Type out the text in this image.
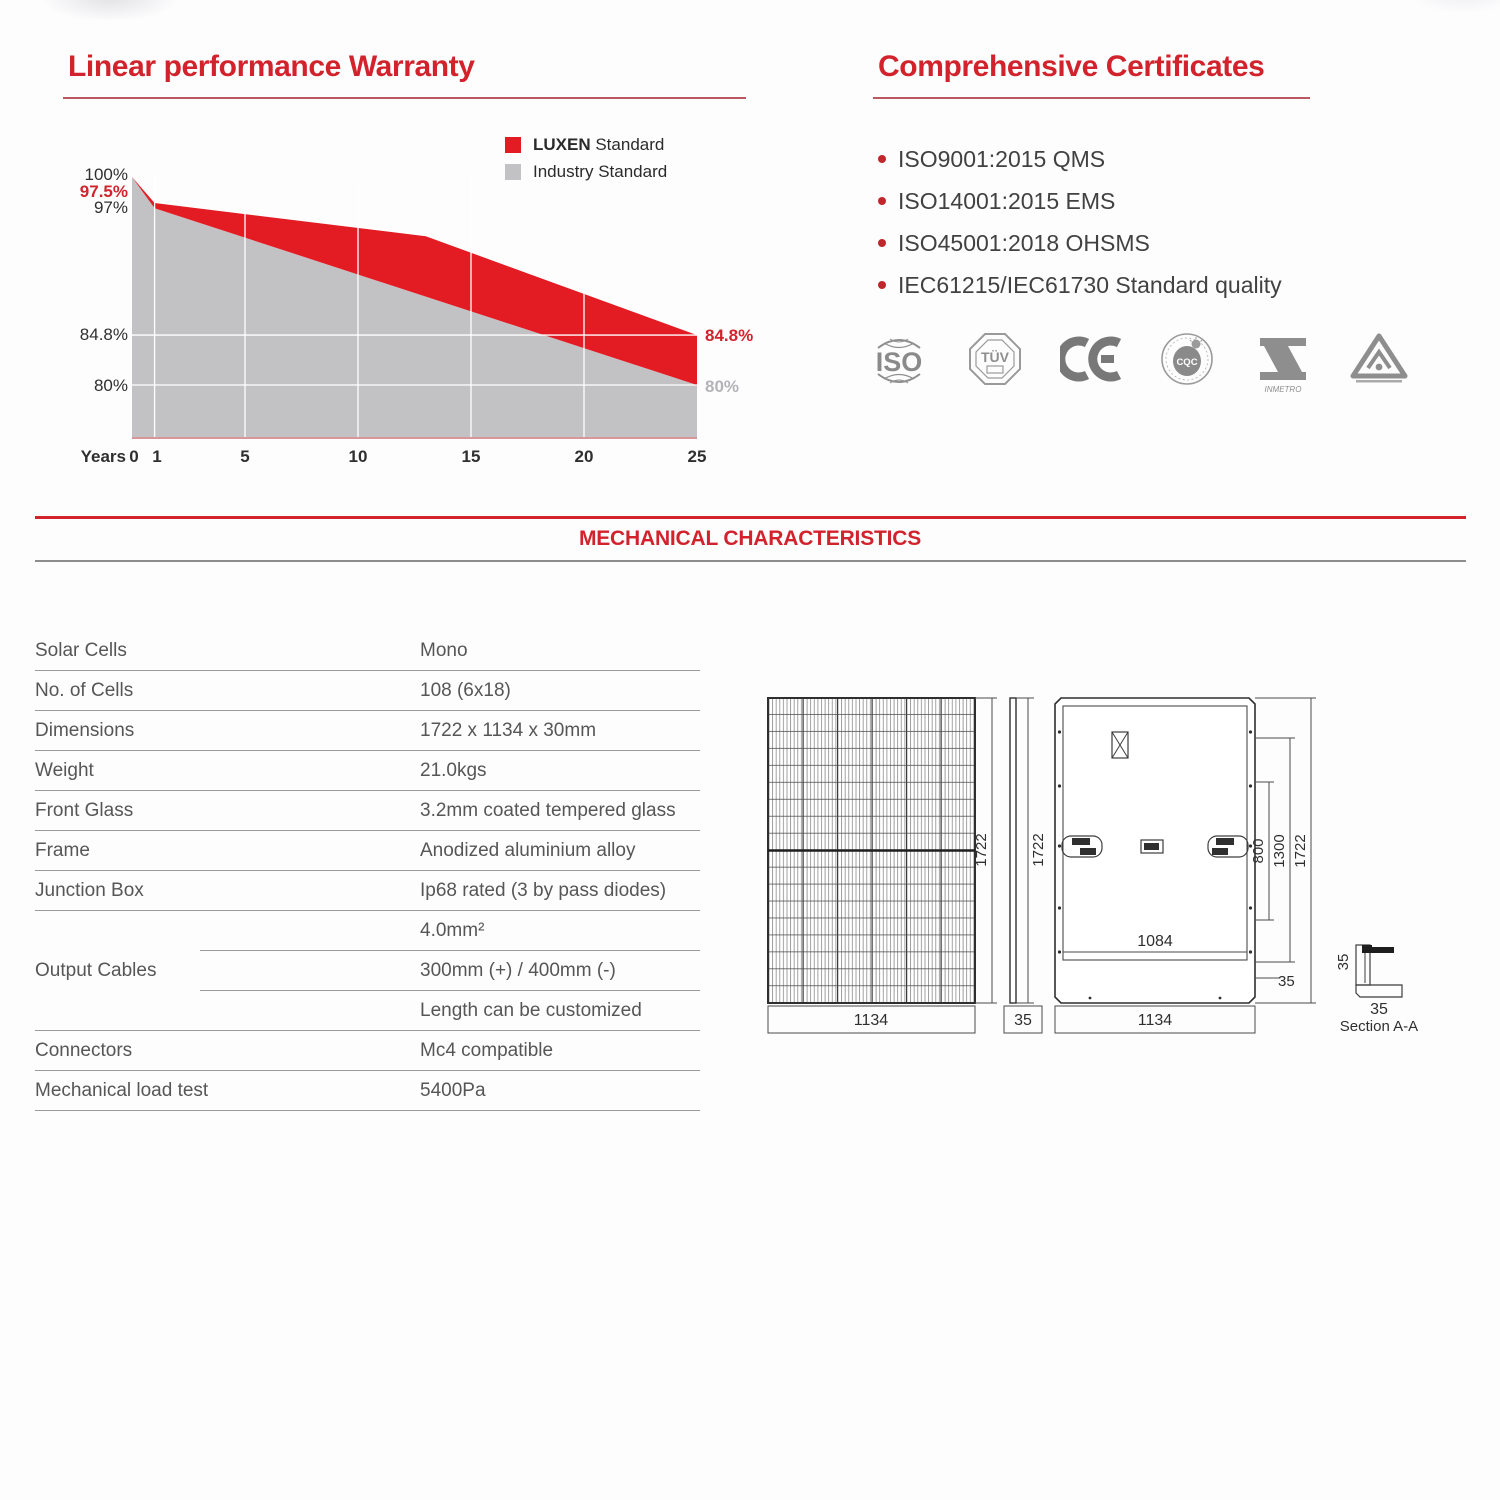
Linear performance Warranty
LUXEN Standard
Industry Standard
100%
97.5%
97%
84.8%
80%
84.8%
80%
Years 0 1	5	10	15	20	25
Comprehensive Certificates
ISO9001:2015 QMS
ISO14001:2015 EMS
ISO45001:2018 OHSMS
IEC61215/IEC61730 Standard quality
ISO	TÜV	CQC
INMETRO
MECHANICAL CHARACTERISTICS
Solar Cells	Mono
No. of Cells	108 (6x18)
Dimensions	1722 x 1134 x 30mm
Weight	21.0kgs
Front Glass	3.2mm coated tempered glass
Frame	Anodized aluminium alloy
Junction Box	Ip68 rated (3 by pass diodes)
Output Cables
4.0mm²
300mm (+) / 400mm (-)
Length can be customized
Connectors	Mc4 compatible
Mechanical load test	5400Pa
1722
1134
1722
35
1084
800 1300 1722
35
1134
35
35
Section A-A
